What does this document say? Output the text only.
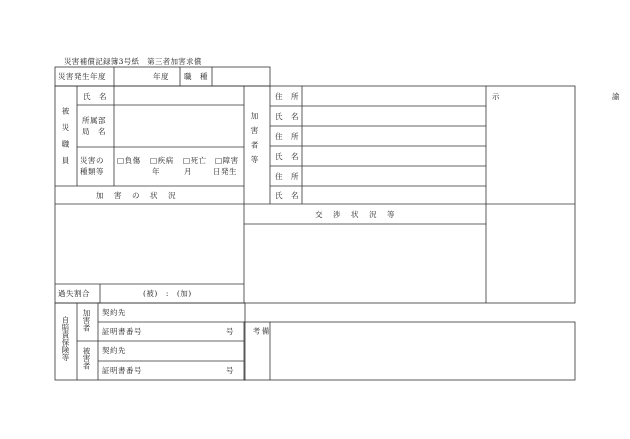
災害補償記録簿3号紙　第三者加害求償
災害発生年度	年度 職　種
被災職員
氏　名
所属部
局　名
災害の
種類等
□負傷 □疾病 □死亡 □障害
年	月	日発生
加　害　の　状　況
加害者等
住　所
氏　名
住　所
氏　名
住　所
氏　名
示　　　　　　　　　　　　　　諭
交　渉　状　況　等
過失割合	(被)　:　(加)
自賠責保険等 加害者
被害者
契約先
証明書番号	号
契約先
証明書番号	号
備　考
